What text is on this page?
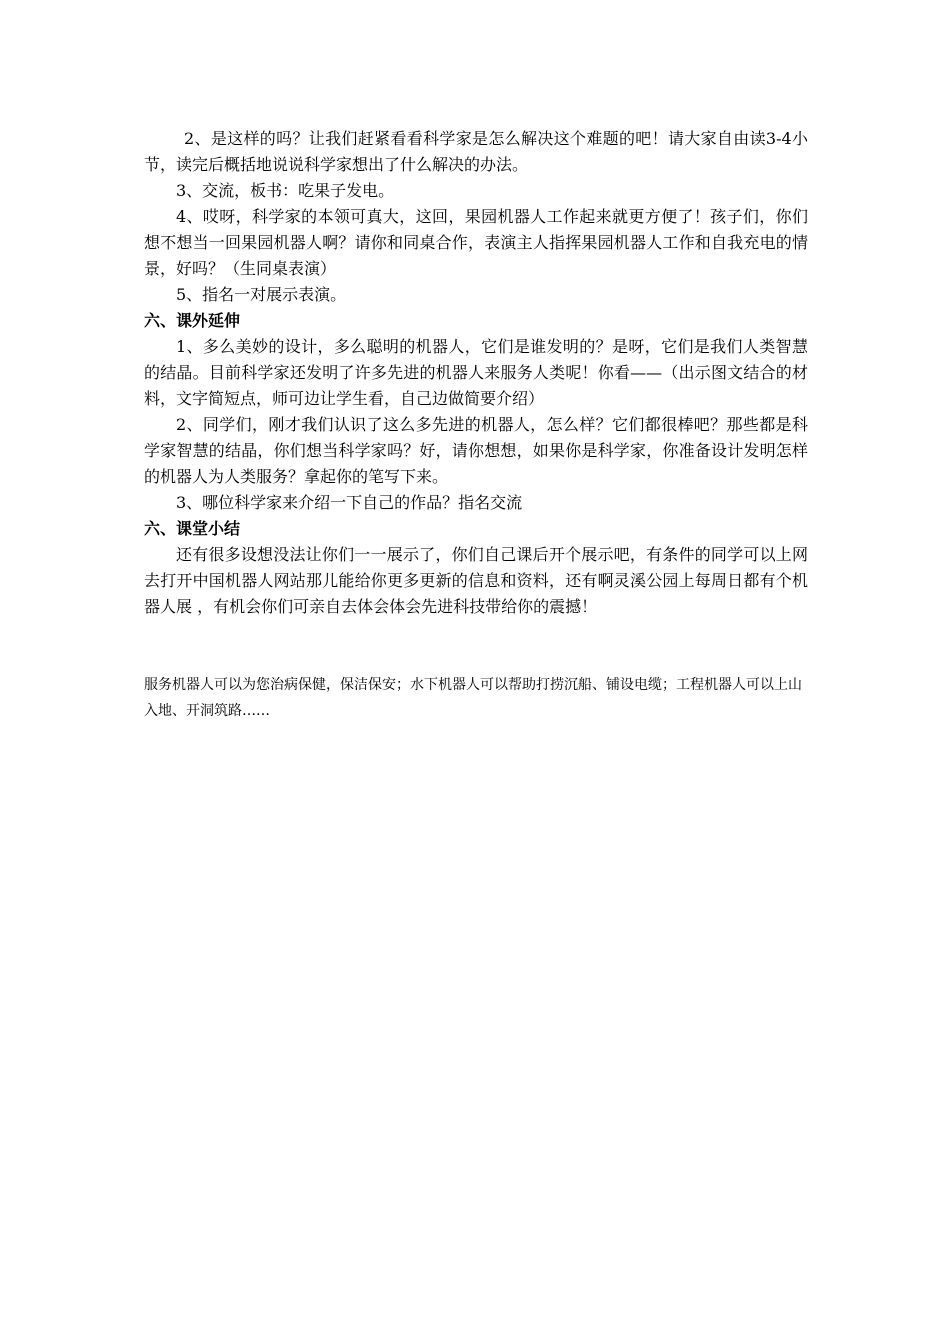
2、是这样的吗？让我们赶紧看看科学家是怎么解决这个难题的吧！请大家自由读3-4小节，读完后概括地说说科学家想出了什么解决的办法。

3、交流，板书：吃果子发电。

4、哎呀，科学家的本领可真大，这回，果园机器人工作起来就更方便了！孩子们，你们想不想当一回果园机器人啊？请你和同桌合作，表演主人指挥果园机器人工作和自我充电的情景，好吗？（生同桌表演）

5、指名一对展示表演。

六、课外延伸

1、多么美妙的设计，多么聪明的机器人，它们是谁发明的？是呀，它们是我们人类智慧的结晶。目前科学家还发明了许多先进的机器人来服务人类呢！你看——（出示图文结合的材料，文字简短点，师可边让学生看，自己边做简要介绍）

2、同学们，刚才我们认识了这么多先进的机器人，怎么样？它们都很棒吧？那些都是科学家智慧的结晶，你们想当科学家吗？好，请你想想，如果你是科学家，你准备设计发明怎样的机器人为人类服务？拿起你的笔写下来。

3、哪位科学家来介绍一下自己的作品？指名交流

六、课堂小结

还有很多设想没法让你们一一展示了，你们自己课后开个展示吧，有条件的同学可以上网去打开中国机器人网站那儿能给你更多更新的信息和资料，还有啊灵溪公园上每周日都有个机器人展 ，有机会你们可亲自去体会体会先进科技带给你的震撼！

服务机器人可以为您治病保健，保洁保安；水下机器人可以帮助打捞沉船、铺设电缆；工程机器人可以上山入地、开洞筑路……
